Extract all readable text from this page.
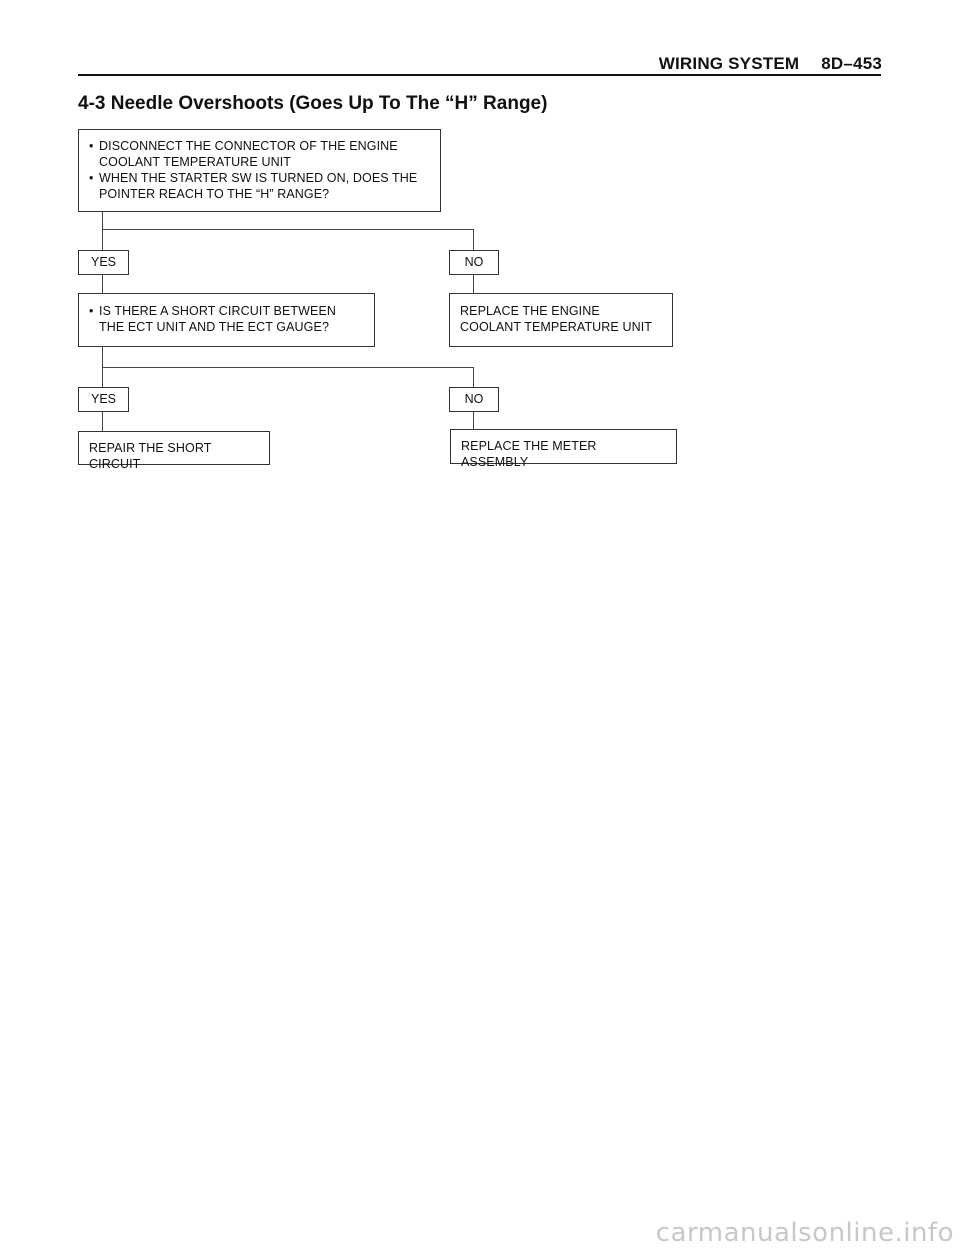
WIRING SYSTEM 8D–453
4-3 Needle Overshoots (Goes Up To The “H” Range)
• DISCONNECT THE CONNECTOR OF THE ENGINE COOLANT TEMPERATURE UNIT
• WHEN THE STARTER SW IS TURNED ON, DOES THE POINTER REACH TO THE “H” RANGE?
YES	NO
• IS THERE A SHORT CIRCUIT BETWEEN THE ECT UNIT AND THE ECT GAUGE?
REPLACE THE ENGINE COOLANT TEMPERATURE UNIT
YES	NO
REPAIR THE SHORT CIRCUIT
REPLACE THE METER ASSEMBLY
carmanualsonline.info
